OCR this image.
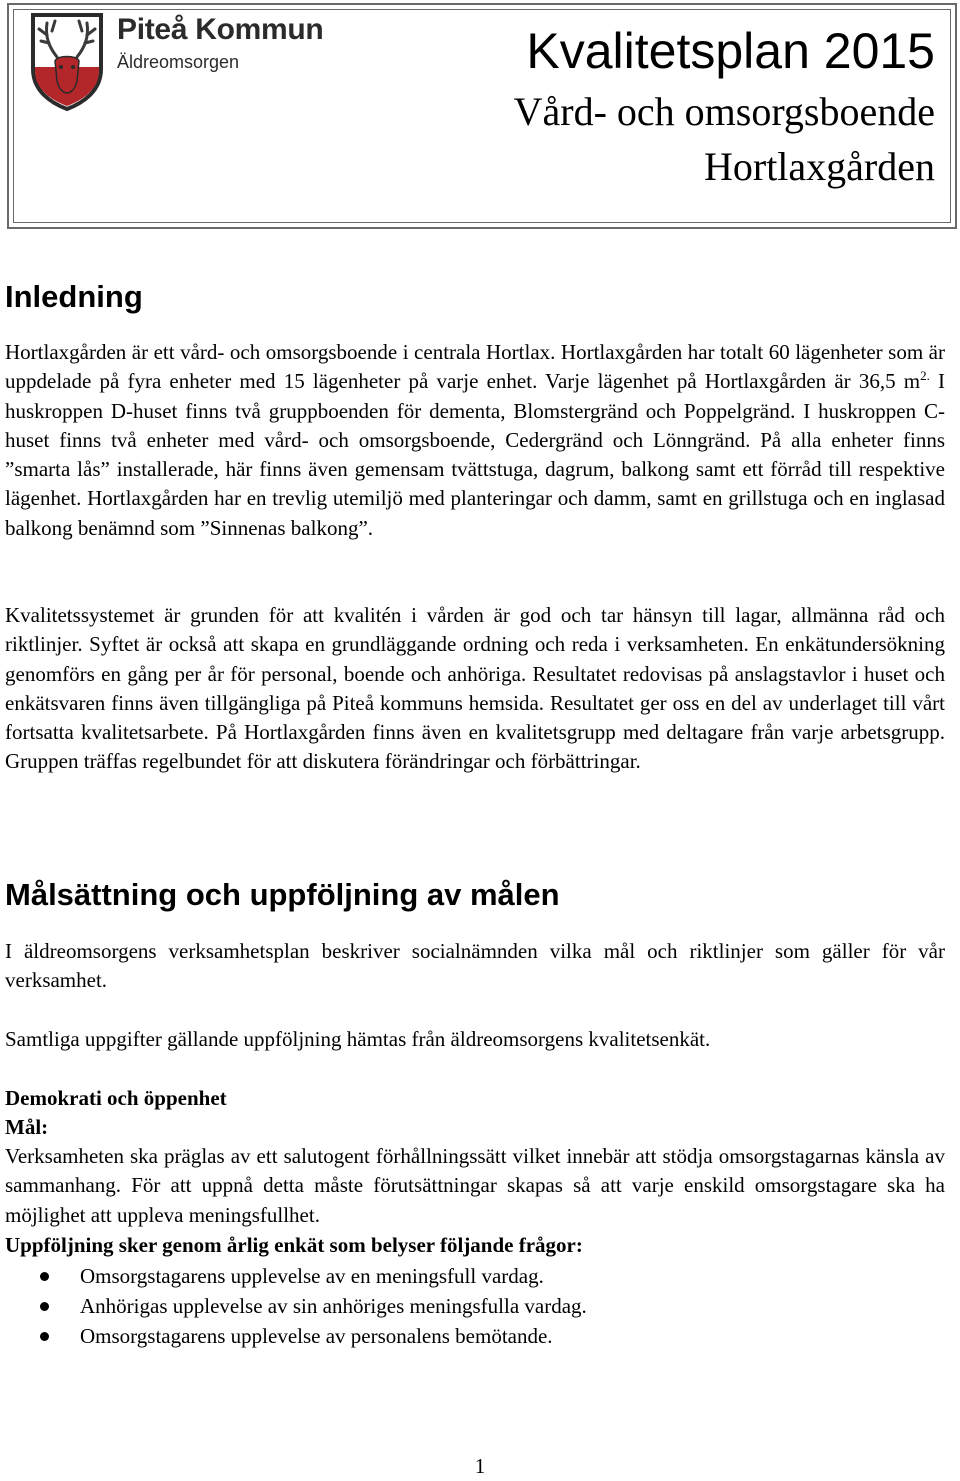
Piteå Kommun
Äldreomsorgen	Kvalitetsplan 2015
Vård- och omsorgsboende
Hortlaxgården
Inledning
Hortlaxgården är ett vård- och omsorgsboende i centrala Hortlax. Hortlaxgården har totalt 60 lägenheter som är uppdelade på fyra enheter med 15 lägenheter på varje enhet. Varje lägenhet på Hortlaxgården är 36,5 $m^{2.}$ I huskroppen D-huset finns två gruppboenden för dementa, Blomstergränd och Poppelgränd. I huskroppen C-huset finns två enheter med vård- och omsorgsboende, Cedergränd och Lönngränd. På alla enheter finns ”smarta lås” installerade, här finns även gemensam tvättstuga, dagrum, balkong samt ett förråd till respektive lägenhet. Hortlaxgården har en trevlig utemiljö med planteringar och damm, samt en grillstuga och en inglasad balkong benämnd som ”Sinnenas balkong”.
Kvalitetssystemet är grunden för att kvalitén i vården är god och tar hänsyn till lagar, allmänna råd och riktlinjer. Syftet är också att skapa en grundläggande ordning och reda i verksamheten. En enkätundersökning genomförs en gång per år för personal, boende och anhöriga. Resultatet redovisas på anslagstavlor i huset och enkätsvaren finns även tillgängliga på Piteå kommuns hemsida. Resultatet ger oss en del av underlaget till vårt fortsatta kvalitetsarbete. På Hortlaxgården finns även en kvalitetsgrupp med deltagare från varje arbetsgrupp. Gruppen träffas regelbundet för att diskutera förändringar och förbättringar.
Målsättning och uppföljning av målen
I äldreomsorgens verksamhetsplan beskriver socialnämnden vilka mål och riktlinjer som gäller för vår verksamhet.
Samtliga uppgifter gällande uppföljning hämtas från äldreomsorgens kvalitetsenkät.
Demokrati och öppenhet
Mål:
Verksamheten ska präglas av ett salutogent förhållningssätt vilket innebär att stödja omsorgstagarnas känsla av sammanhang. För att uppnå detta måste förutsättningar skapas så att varje enskild omsorgstagare ska ha möjlighet att uppleva meningsfullhet.
Uppföljning sker genom årlig enkät som belyser följande frågor:
Omsorgstagarens upplevelse av en meningsfull vardag.
Anhörigas upplevelse av sin anhöriges meningsfulla vardag.
Omsorgstagarens upplevelse av personalens bemötande.
1
